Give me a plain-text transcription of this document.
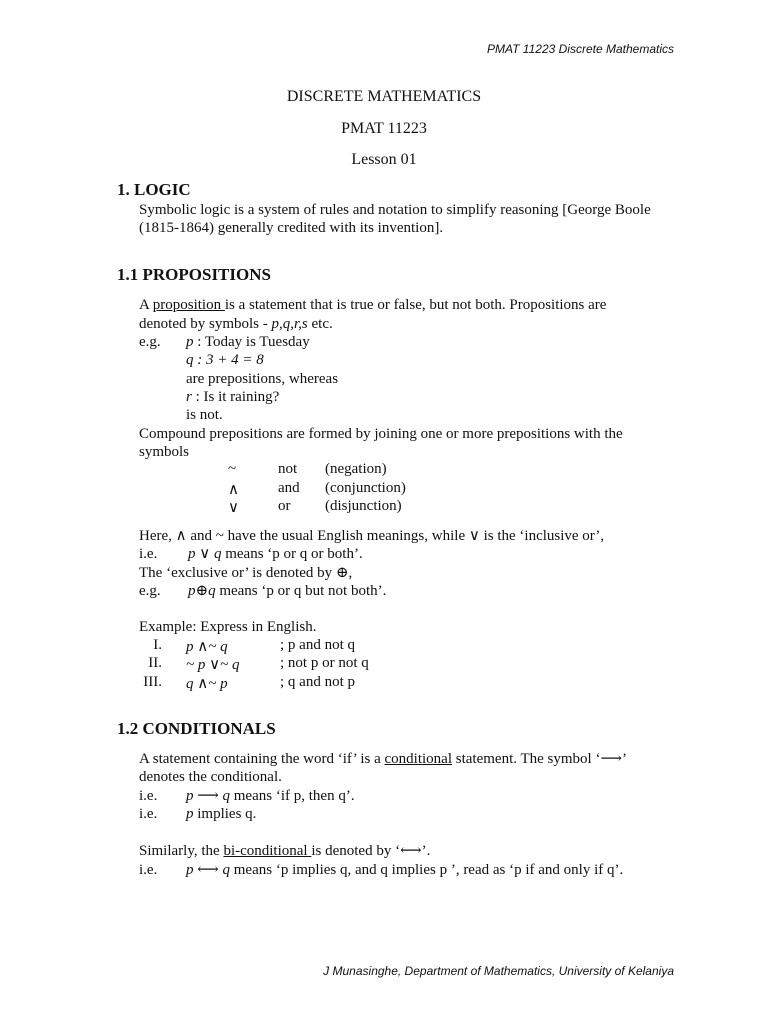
PMAT 11223 Discrete Mathematics
DISCRETE MATHEMATICS
PMAT 11223
Lesson 01
1. LOGIC
Symbolic logic is a system of rules and notation to simplify reasoning [George Boole
(1815-1864) generally credited with its invention].
1.1 PROPOSITIONS
A proposition is a statement that is true or false, but not both. Propositions are
denoted by symbols - p,q,r,s etc.
e.g. p : Today is Tuesday
q : 3 + 4 = 8
are prepositions, whereas
r : Is it raining?
is not.
Compound prepositions are formed by joining one or more prepositions with the
symbols
~	not (negation)
∧	and (conjunction)
∨	or (disjunction)
Here, ∧ and ~ have the usual English meanings, while ∨ is the ‘inclusive or’,
i.e. p ∨ q means ‘p or q or both’.
The ‘exclusive or’ is denoted by ⊕,
e.g. p⊕q means ‘p or q but not both’.
Example: Express in English.
I. p ∧~ q	; p and not q
II. ~ p ∨~ q	; not p or not q
III. q ∧~ p	; q and not p
1.2 CONDITIONALS
A statement containing the word ‘if’ is a conditional statement. The symbol ‘⟶’
denotes the conditional.
i.e. p ⟶ q means ‘if p, then q’.
i.e. p implies q.
Similarly, the bi-conditional is denoted by ‘⟷’.
i.e. p ⟷ q means ‘p implies q, and q implies p ’, read as ‘p if and only if q’.
J Munasinghe, Department of Mathematics, University of Kelaniya
